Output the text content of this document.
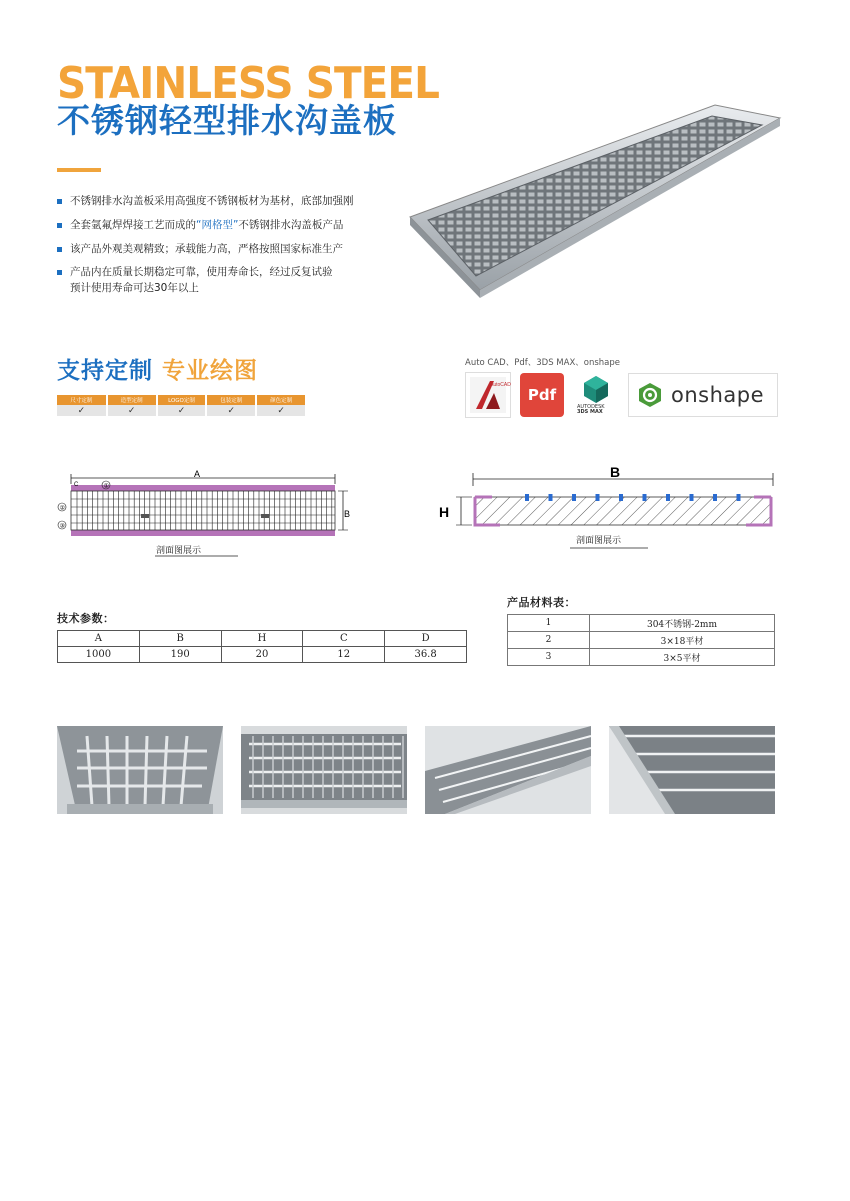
STAINLESS STEEL
不锈钢轻型排水沟盖板
不锈钢排水沟盖板采用高强度不锈钢板材为基材，底部加强刚
全套氩氟焊焊接工艺而成的“网格型”不锈钢排水沟盖板产品
该产品外观美观精致；承载能力高，严格按照国家标准生产
产品内在质量长期稳定可靠，使用寿命长，经过反复试验
预计使用寿命可达30年以上
支持定制 专业绘图
尺寸定制	造型定制	LOGO定制	包装定制	颜色定制
✓	✓	✓	✓	✓
Auto CAD、Pdf、3DS MAX、onshape
AutoCAD
Pdf
AUTODESK
3DS MAX
onshape
A
B
C	①
②
③
剖面图展示
B
H
剖面图展示
技术参数：
A	B	H	C	D
1000	190	20	12	36.8
产品材料表：
1	304不锈钢-2mm
2	3×18平材
3	3×5平材
